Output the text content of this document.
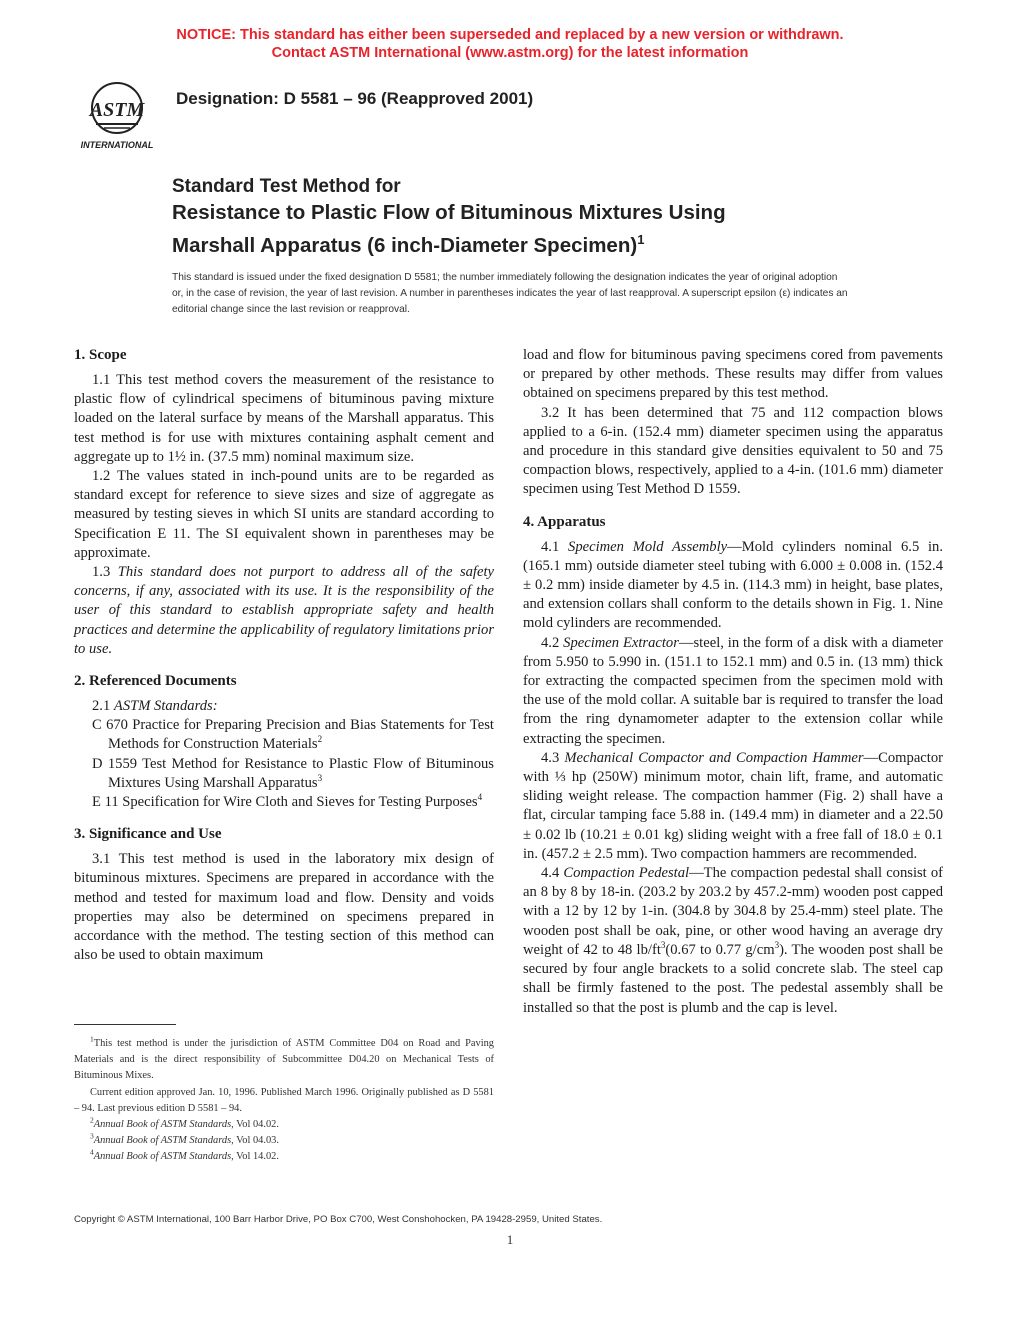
NOTICE: This standard has either been superseded and replaced by a new version or withdrawn.
Contact ASTM International (www.astm.org) for the latest information
ASTM
INTERNATIONAL
Designation: D 5581 – 96 (Reapproved 2001)
Standard Test Method for
Resistance to Plastic Flow of Bituminous Mixtures Using
Marshall Apparatus (6 inch-Diameter Specimen)$^1$
This standard is issued under the fixed designation D 5581; the number immediately following the designation indicates the year of original adoption or, in the case of revision, the year of last revision. A number in parentheses indicates the year of last reapproval. A superscript epsilon (ε) indicates an editorial change since the last revision or reapproval.
1. Scope

1.1 This test method covers the measurement of the resistance to plastic flow of cylindrical specimens of bituminous paving mixture loaded on the lateral surface by means of the Marshall apparatus. This test method is for use with mixtures containing asphalt cement and aggregate up to 1½ in. (37.5 mm) nominal maximum size.

1.2 The values stated in inch-pound units are to be regarded as standard except for reference to sieve sizes and size of aggregate as measured by testing sieves in which SI units are standard according to Specification E 11. The SI equivalent shown in parentheses may be approximate.

1.3 This standard does not purport to address all of the safety concerns, if any, associated with its use. It is the responsibility of the user of this standard to establish appropriate safety and health practices and determine the applicability of regulatory limitations prior to use.

2. Referenced Documents

2.1 ASTM Standards:

C 670 Practice for Preparing Precision and Bias Statements for Test Methods for Construction Materials$^2$

D 1559 Test Method for Resistance to Plastic Flow of Bituminous Mixtures Using Marshall Apparatus$^3$

E 11 Specification for Wire Cloth and Sieves for Testing Purposes$^4$

3. Significance and Use

3.1 This test method is used in the laboratory mix design of bituminous mixtures. Specimens are prepared in accordance with the method and tested for maximum load and flow. Density and voids properties may also be determined on specimens prepared in accordance with the method. The testing section of this method can also be used to obtain maximum

load and flow for bituminous paving specimens cored from pavements or prepared by other methods. These results may differ from values obtained on specimens prepared by this test method.

3.2 It has been determined that 75 and 112 compaction blows applied to a 6-in. (152.4 mm) diameter specimen using the apparatus and procedure in this standard give densities equivalent to 50 and 75 compaction blows, respectively, applied to a 4-in. (101.6 mm) diameter specimen using Test Method D 1559.

4. Apparatus

4.1 Specimen Mold Assembly—Mold cylinders nominal 6.5 in. (165.1 mm) outside diameter steel tubing with 6.000 ± 0.008 in. (152.4 ± 0.2 mm) inside diameter by 4.5 in. (114.3 mm) in height, base plates, and extension collars shall conform to the details shown in Fig. 1. Nine mold cylinders are recommended.

4.2 Specimen Extractor—steel, in the form of a disk with a diameter from 5.950 to 5.990 in. (151.1 to 152.1 mm) and 0.5 in. (13 mm) thick for extracting the compacted specimen from the specimen mold with the use of the mold collar. A suitable bar is required to transfer the load from the ring dynamometer adapter to the extension collar while extracting the specimen.

4.3 Mechanical Compactor and Compaction Hammer—Compactor with ⅓ hp (250W) minimum motor, chain lift, frame, and automatic sliding weight release. The compaction hammer (Fig. 2) shall have a flat, circular tamping face 5.88 in. (149.4 mm) in diameter and a 22.50 ± 0.02 lb (10.21 ± 0.01 kg) sliding weight with a free fall of 18.0 ± 0.1 in. (457.2 ± 2.5 mm). Two compaction hammers are recommended.

4.4 Compaction Pedestal—The compaction pedestal shall consist of an 8 by 8 by 18-in. (203.2 by 203.2 by 457.2-mm) wooden post capped with a 12 by 12 by 1-in. (304.8 by 304.8 by 25.4-mm) steel plate. The wooden post shall be oak, pine, or other wood having an average dry weight of 42 to 48 $lb/ft^3(0.67$ to 0.77 $g/cm^3$). The wooden post shall be secured by four angle brackets to a solid concrete slab. The steel cap shall be firmly fastened to the post. The pedestal assembly shall be installed so that the post is plumb and the cap is level.

$^1$This test method is under the jurisdiction of ASTM Committee D04 on Road and Paving Materials and is the direct responsibility of Subcommittee D04.20 on Mechanical Tests of Bituminous Mixes.

Current edition approved Jan. 10, 1996. Published March 1996. Originally published as D 5581 – 94. Last previous edition D 5581 – 94.

$^2$Annual Book of ASTM Standards, Vol 04.02.

$^3$Annual Book of ASTM Standards, Vol 04.03.

$^4$Annual Book of ASTM Standards, Vol 14.02.

Copyright © ASTM International, 100 Barr Harbor Drive, PO Box C700, West Conshohocken, PA 19428-2959, United States.
1
